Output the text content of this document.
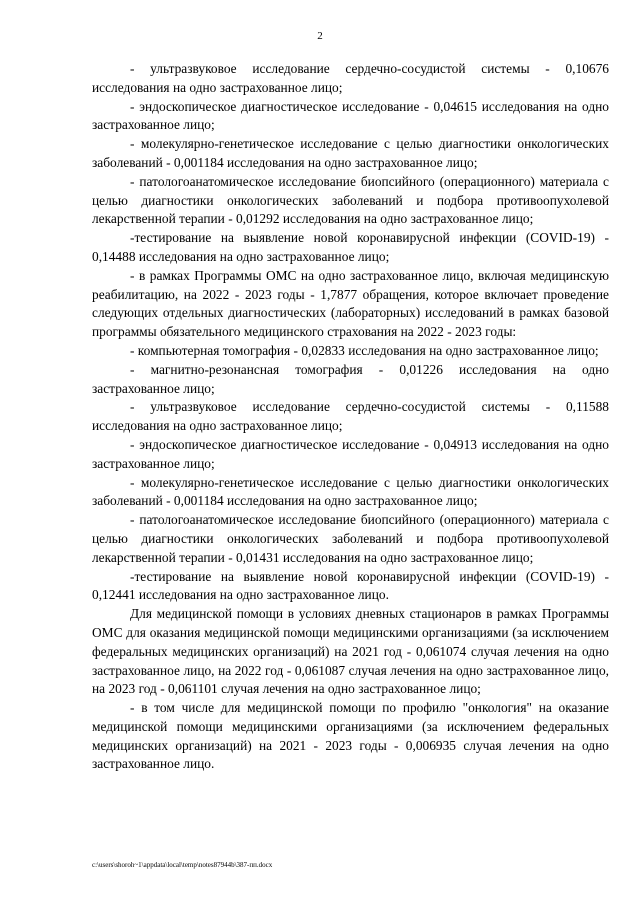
2

- ультразвуковое исследование сердечно-сосудистой системы - 0,10676 исследования на одно застрахованное лицо;

- эндоскопическое диагностическое исследование - 0,04615 исследования на одно застрахованное лицо;

- молекулярно-генетическое исследование с целью диагностики онкологических заболеваний - 0,001184 исследования на одно застрахованное лицо;

- патологоанатомическое исследование биопсийного (операционного) материала с целью диагностики онкологических заболеваний и подбора противоопухолевой лекарственной терапии - 0,01292 исследования на одно застрахованное лицо;

-тестирование на выявление новой коронавирусной инфекции (COVID-19) - 0,14488 исследования на одно застрахованное лицо;

- в рамках Программы ОМС на одно застрахованное лицо, включая медицинскую реабилитацию, на 2022 - 2023 годы - 1,7877 обращения, которое включает проведение следующих отдельных диагностических (лабораторных) исследований в рамках базовой программы обязательного медицинского страхования на 2022 - 2023 годы:

- компьютерная томография - 0,02833 исследования на одно застрахованное лицо;

- магнитно-резонансная томография - 0,01226 исследования на одно застрахованное лицо;

- ультразвуковое исследование сердечно-сосудистой системы - 0,11588 исследования на одно застрахованное лицо;

- эндоскопическое диагностическое исследование - 0,04913 исследования на одно застрахованное лицо;

- молекулярно-генетическое исследование с целью диагностики онкологических заболеваний - 0,001184 исследования на одно застрахованное лицо;

- патологоанатомическое исследование биопсийного (операционного) материала с целью диагностики онкологических заболеваний и подбора противоопухолевой лекарственной терапии - 0,01431 исследования на одно застрахованное лицо;

-тестирование на выявление новой коронавирусной инфекции (COVID-19) - 0,12441 исследования на одно застрахованное лицо.

Для медицинской помощи в условиях дневных стационаров в рамках Программы ОМС для оказания медицинской помощи медицинскими организациями (за исключением федеральных медицинских организаций) на 2021 год - 0,061074 случая лечения на одно застрахованное лицо, на 2022 год - 0,061087 случая лечения на одно застрахованное лицо, на 2023 год - 0,061101 случая лечения на одно застрахованное лицо;

- в том числе для медицинской помощи по профилю "онкология" на оказание медицинской помощи медицинскими организациями (за исключением федеральных медицинских организаций) на 2021 - 2023 годы - 0,006935 случая лечения на одно застрахованное лицо.

c:\users\shoroh~1\appdata\local\temp\notes87944b\387-пп.docx
